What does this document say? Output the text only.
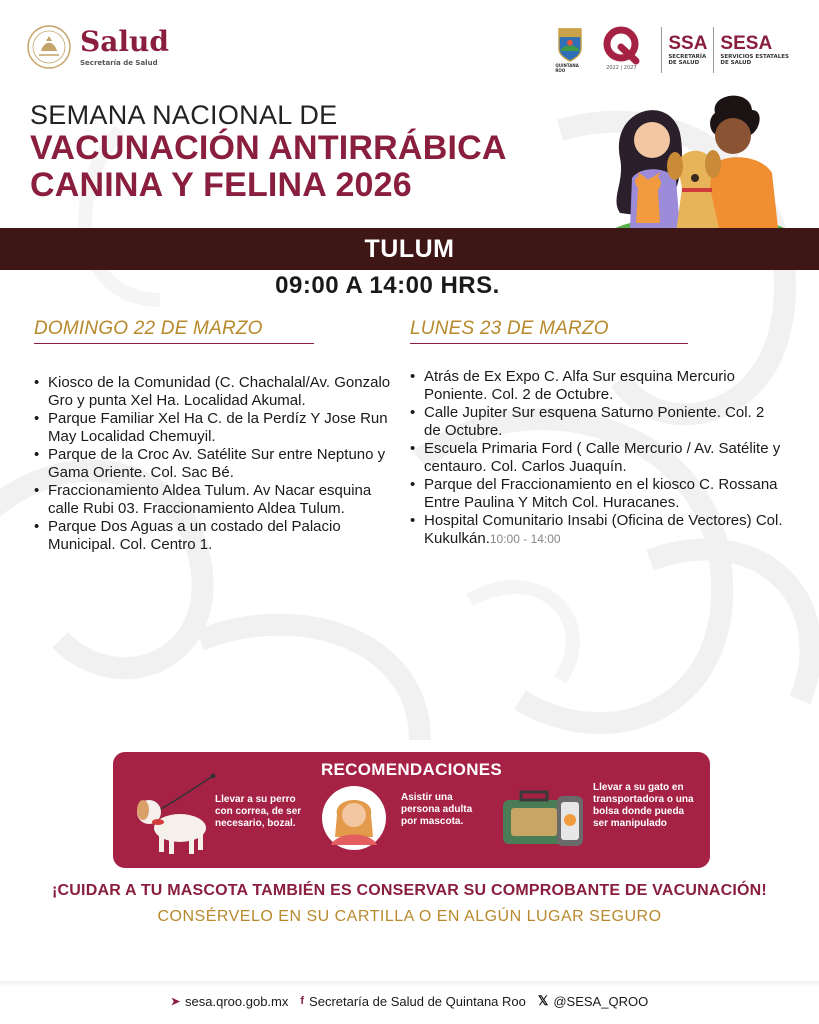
Salud
Secretaría de Salud	QUINTANA ROO	2022 | 2027
SSA
SECRETARÍA
DE SALUD
SESA
SERVICIOS ESTATALES
DE SALUD
SEMANA NACIONAL DE
VACUNACIÓN ANTIRRÁBICA
CANINA Y FELINA 2026
TULUM
09:00 A 14:00 HRS.
DOMINGO 22 DE MARZO
• Kiosco de la Comunidad (C. Chachalal/Av. Gonzalo Gro y punta Xel Ha. Localidad Akumal.
• Parque Familiar Xel Ha C. de la Perdíz Y Jose Run May Localidad Chemuyil.
• Parque de la Croc Av. Satélite Sur entre Neptuno y Gama Oriente. Col. Sac Bé.
• Fraccionamiento Aldea Tulum. Av Nacar esquina calle Rubi 03. Fraccionamiento Aldea Tulum.
• Parque Dos Aguas a un costado del Palacio Municipal. Col. Centro 1.
LUNES 23 DE MARZO
• Atrás de Ex Expo C. Alfa Sur esquina Mercurio Poniente. Col. 2 de Octubre.
• Calle Jupiter Sur esquena Saturno Poniente. Col. 2 de Octubre.
• Escuela Primaria Ford ( Calle Mercurio / Av. Satélite y centauro. Col. Carlos Juaquín.
• Parque del Fraccionamiento en el kiosco C. Rossana Entre Paulina Y Mitch Col. Huracanes.
• Hospital Comunitario Insabi (Oficina de Vectores) Col. Kukulkán.10:00 - 14:00
RECOMENDACIONES
Llevar a su perro con correa, de ser necesario, bozal.
Asistir una persona adulta por mascota.
Llevar a su gato en transportadora o una bolsa donde pueda ser manipulado
¡CUIDAR A TU MASCOTA TAMBIÉN ES CONSERVAR SU COMPROBANTE DE VACUNACIÓN!
CONSÉRVELO EN SU CARTILLA O EN ALGÚN LUGAR SEGURO
➤ sesa.qroo.gob.mx f Secretaría de Salud de Quintana Roo 𝕏 @SESA_QROO
